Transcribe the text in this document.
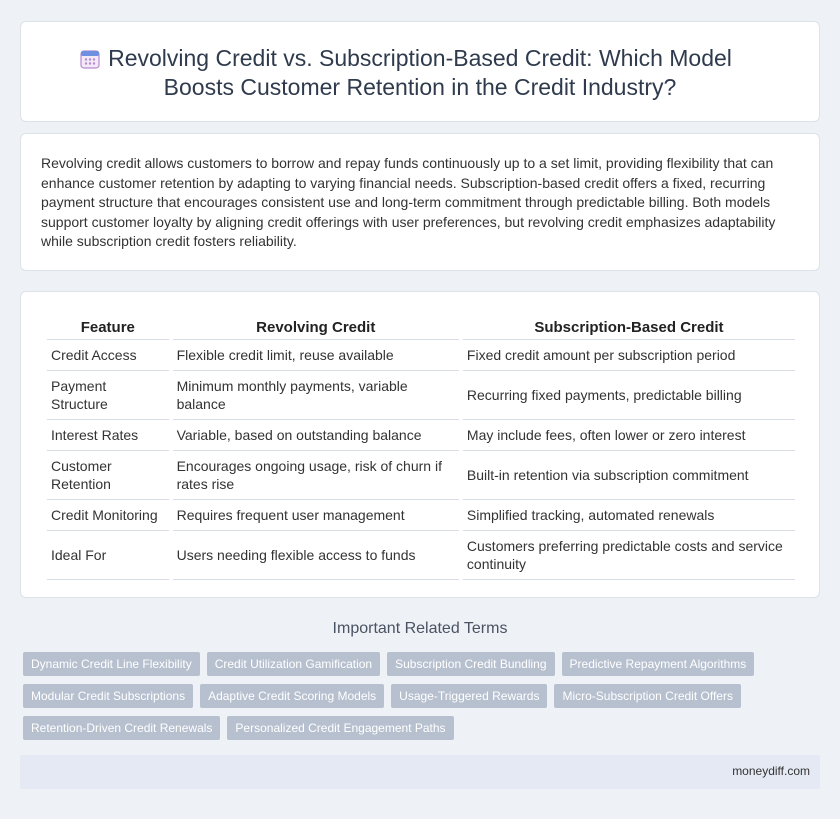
Revolving Credit vs. Subscription-Based Credit: Which Model Boosts Customer Retention in the Credit Industry?

Revolving credit allows customers to borrow and repay funds continuously up to a set limit, providing flexibility that can enhance customer retention by adapting to varying financial needs. Subscription-based credit offers a fixed, recurring payment structure that encourages consistent use and long-term commitment through predictable billing. Both models support customer loyalty by aligning credit offerings with user preferences, but revolving credit emphasizes adaptability while subscription credit fosters reliability.

Feature	Revolving Credit	Subscription-Based Credit
Credit Access	Flexible credit limit, reuse available	Fixed credit amount per subscription period
Payment Structure	Minimum monthly payments, variable balance	Recurring fixed payments, predictable billing
Interest Rates	Variable, based on outstanding balance	May include fees, often lower or zero interest
Customer Retention	Encourages ongoing usage, risk of churn if rates rise	Built-in retention via subscription commitment
Credit Monitoring	Requires frequent user management	Simplified tracking, automated renewals
Ideal For	Users needing flexible access to funds	Customers preferring predictable costs and service continuity
Important Related Terms
Dynamic Credit Line Flexibility	Credit Utilization Gamification	Subscription Credit Bundling	Predictive Repayment Algorithms
Modular Credit Subscriptions	Adaptive Credit Scoring Models	Usage-Triggered Rewards	Micro-Subscription Credit Offers
Retention-Driven Credit Renewals	Personalized Credit Engagement Paths
moneydiff.com
